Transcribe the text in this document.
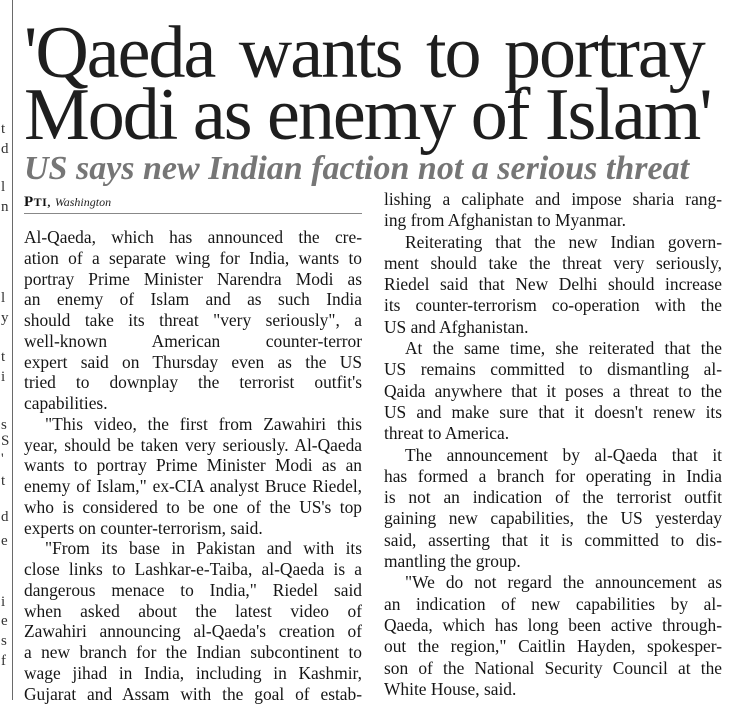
t
d
l
n
l
y
t
i
s
S
'
t
d
e
i
e
s
f
'Qaeda wants to portray
Modi as enemy of Islam'
US says new Indian faction not a serious threat
PTI, Washington
Al-Qaeda, which has announced the cre-
ation of a separate wing for India, wants to
portray Prime Minister Narendra Modi as
an enemy of Islam and as such India
should take its threat "very seriously", a
well-known American counter-terror
expert said on Thursday even as the US
tried to downplay the terrorist outfit's
capabilities.
"This video, the first from Zawahiri this
year, should be taken very seriously. Al-Qaeda
wants to portray Prime Minister Modi as an
enemy of Islam," ex-CIA analyst Bruce Riedel,
who is considered to be one of the US's top
experts on counter-terrorism, said.
"From its base in Pakistan and with its
close links to Lashkar-e-Taiba, al-Qaeda is a
dangerous menace to India," Riedel said
when asked about the latest video of
Zawahiri announcing al-Qaeda's creation of
a new branch for the Indian subcontinent to
wage jihad in India, including in Kashmir,
Gujarat and Assam with the goal of estab-
lishing a caliphate and impose sharia rang-
ing from Afghanistan to Myanmar.
Reiterating that the new Indian govern-
ment should take the threat very seriously,
Riedel said that New Delhi should increase
its counter-terrorism co-operation with the
US and Afghanistan.
At the same time, she reiterated that the
US remains committed to dismantling al-
Qaida anywhere that it poses a threat to the
US and make sure that it doesn't renew its
threat to America.
The announcement by al-Qaeda that it
has formed a branch for operating in India
is not an indication of the terrorist outfit
gaining new capabilities, the US yesterday
said, asserting that it is committed to dis-
mantling the group.
"We do not regard the announcement as
an indication of new capabilities by al-
Qaeda, which has long been active through-
out the region," Caitlin Hayden, spokesper-
son of the National Security Council at the
White House, said.
